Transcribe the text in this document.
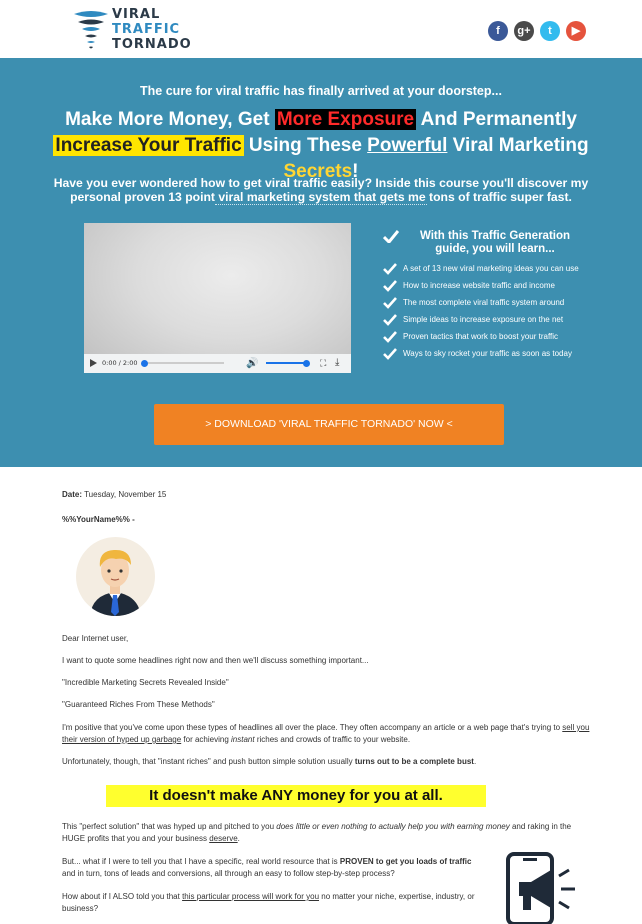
VIRAL
TRAFFIC
TORNADO
f	g+	t	▶
The cure for viral traffic has finally arrived at your doorstep...
Make More Money, Get More Exposure And Permanently Increase Your Traffic Using These Powerful Viral Marketing Secrets!
Have you ever wondered how to get viral traffic easily? Inside this course you'll discover my personal proven 13 point viral marketing system that gets me tons of traffic super fast.
0:00 / 2:00	🔊	⛶ ⤓
With this Traffic Generation guide, you will learn...
A set of 13 new viral marketing ideas you can use
How to increase website traffic and income
The most complete viral traffic system around
Simple ideas to increase exposure on the net
Proven tactics that work to boost your traffic
Ways to sky rocket your traffic as soon as today
> DOWNLOAD 'VIRAL TRAFFIC TORNADO' NOW <
Date: Tuesday, November 15
%%YourName%% -
Dear Internet user,
I want to quote some headlines right now and then we'll discuss something important...
"Incredible Marketing Secrets Revealed Inside"
"Guaranteed Riches From These Methods"
I'm positive that you've come upon these types of headlines all over the place. They often accompany an article or a web page that's trying to sell you their version of hyped up garbage for achieving instant riches and crowds of traffic to your website.
Unfortunately, though, that "instant riches" and push button simple solution usually turns out to be a complete bust.
This "perfect solution" that was hyped up and pitched to you does little or even nothing to actually help you with earning money and raking in the HUGE profits that you and your business deserve.
But... what if I were to tell you that I have a specific, real world resource that is PROVEN to get you loads of traffic and in turn, tons of leads and conversions, all through an easy to follow step-by-step process?
How about if I ALSO told you that this particular process will work for you no matter your niche, expertise, industry, or business?
It doesn't make ANY money for you at all.
